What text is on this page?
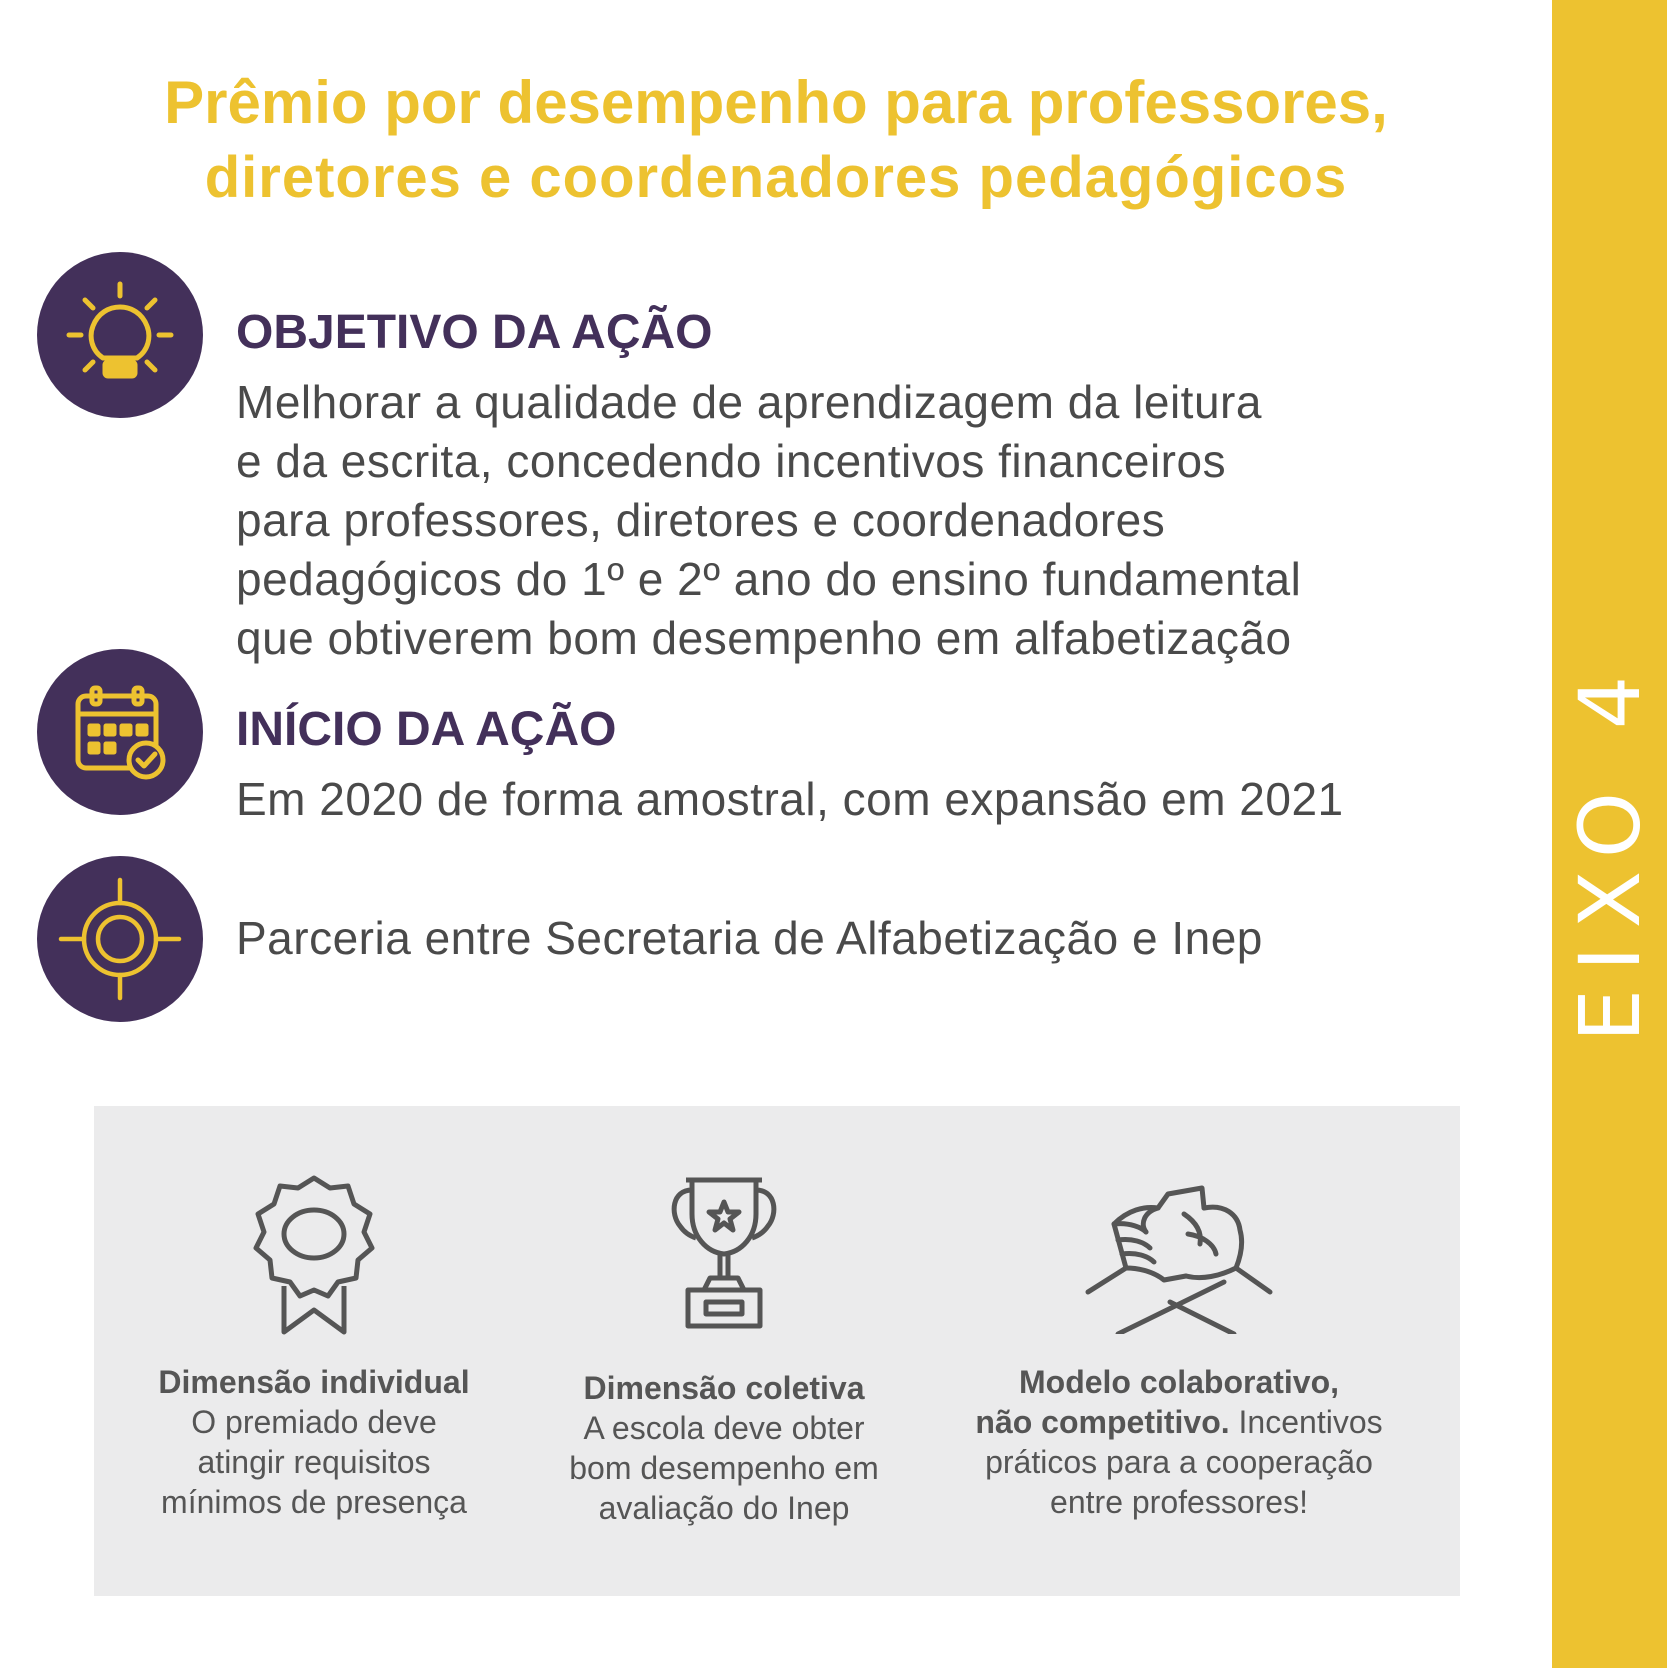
Prêmio por desempenho para professores,
diretores e coordenadores pedagógicos
EIXO 4
OBJETIVO DA AÇÃO
Melhorar a qualidade de aprendizagem da leitura
e da escrita, concedendo incentivos financeiros
para professores, diretores e coordenadores
pedagógicos do 1º e 2º ano do ensino fundamental
que obtiverem bom desempenho em alfabetização
INÍCIO DA AÇÃO
Em 2020 de forma amostral, com expansão em 2021
Parceria entre Secretaria de Alfabetização e Inep
Dimensão individual
O premiado deve
atingir requisitos
mínimos de presença
Dimensão coletiva
A escola deve obter
bom desempenho em
avaliação do Inep
Modelo colaborativo,
não competitivo. Incentivos
práticos para a cooperação
entre professores!
